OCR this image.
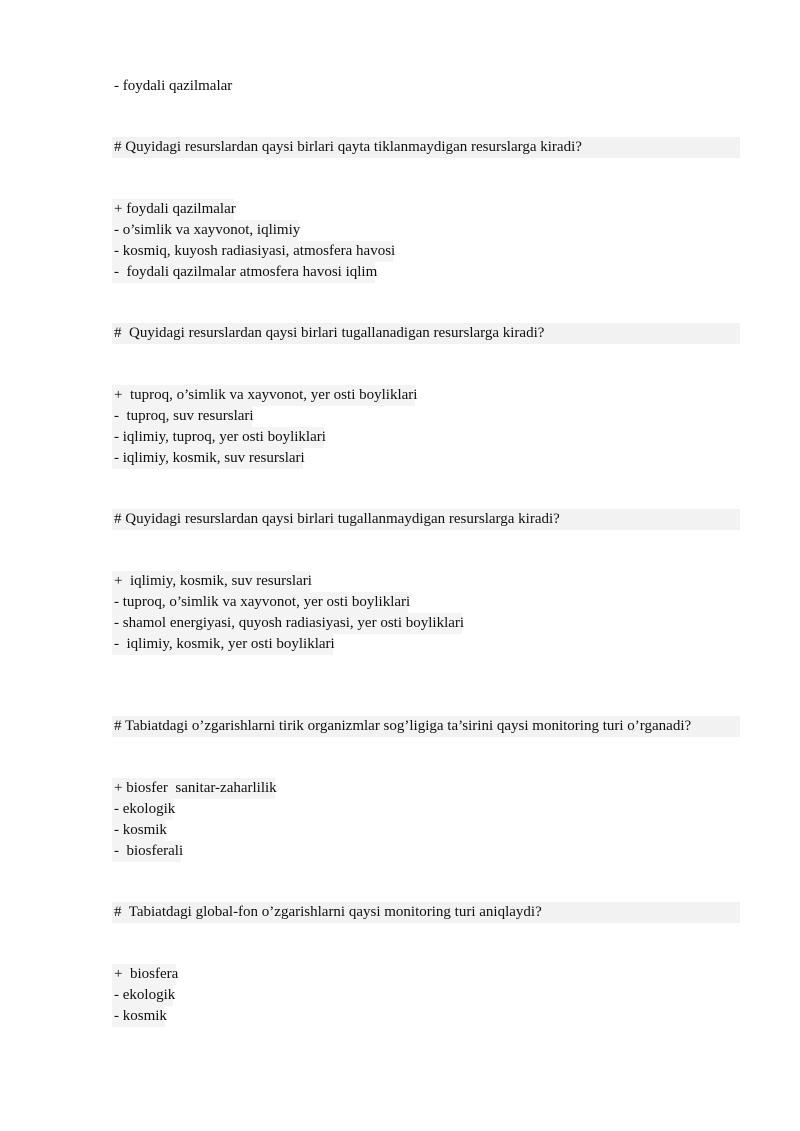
- foydali qazilmalar
# Quyidagi resurslardan qaysi birlari qayta tiklanmaydigan resurslarga kiradi?
+ foydali qazilmalar
- o’simlik va xayvonot, iqlimiy
- kosmiq, kuyosh radiasiyasi, atmosfera havosi
-  foydali qazilmalar atmosfera havosi iqlim
#  Quyidagi resurslardan qaysi birlari tugallanadigan resurslarga kiradi?
+  tuproq, o’simlik va xayvonot, yer osti boyliklari
-  tuproq, suv resurslari
- iqlimiy, tuproq, yer osti boyliklari
- iqlimiy, kosmik, suv resurslari
# Quyidagi resurslardan qaysi birlari tugallanmaydigan resurslarga kiradi?
+  iqlimiy, kosmik, suv resurslari
- tuproq, o’simlik va xayvonot, yer osti boyliklari
- shamol energiyasi, quyosh radiasiyasi, yer osti boyliklari
-  iqlimiy, kosmik, yer osti boyliklari
# Tabiatdagi o’zgarishlarni tirik organizmlar sog’ligiga ta’sirini qaysi monitoring turi o’rganadi?
+ biosfer  sanitar-zaharlilik
- ekologik
- kosmik
-  biosferali
#  Tabiatdagi global-fon o’zgarishlarni qaysi monitoring turi aniqlaydi?
+  biosfera
- ekologik
- kosmik
